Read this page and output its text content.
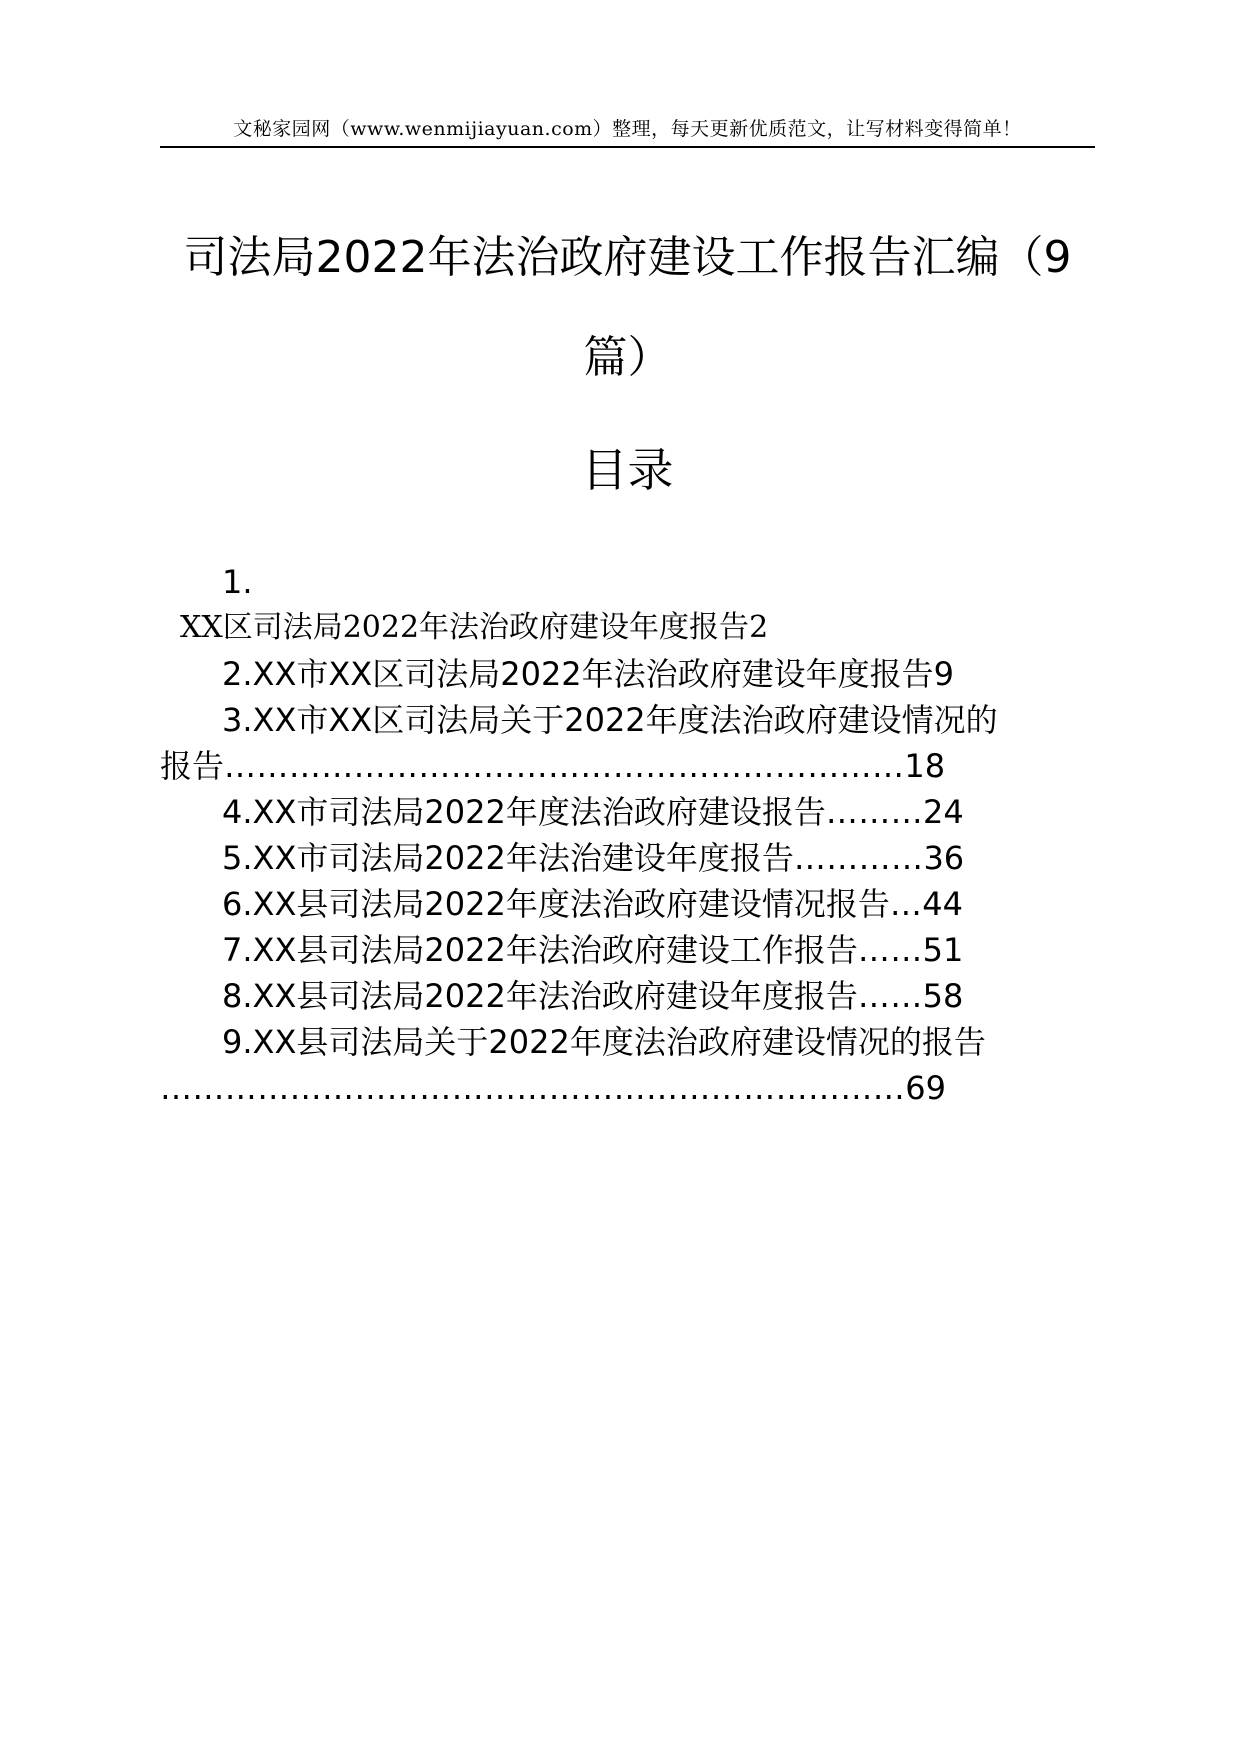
文秘家园网（www.wenmijiayuan.com）整理，每天更新优质范文，让写材料变得简单！
司法局2022年法治政府建设工作报告汇编（9
篇）
目录
1.
XX区司法局2022年法治政府建设年度报告2
2.XX市XX区司法局2022年法治政府建设年度报告9
3.XX市XX区司法局关于2022年度法治政府建设情况的
报告………………………………………………………18
4.XX市司法局2022年度法治政府建设报告………24
5.XX市司法局2022年法治建设年度报告…………36
6.XX县司法局2022年度法治政府建设情况报告…44
7.XX县司法局2022年法治政府建设工作报告……51
8.XX县司法局2022年法治政府建设年度报告……58
9.XX县司法局关于2022年度法治政府建设情况的报告
……………………………………………………………69
